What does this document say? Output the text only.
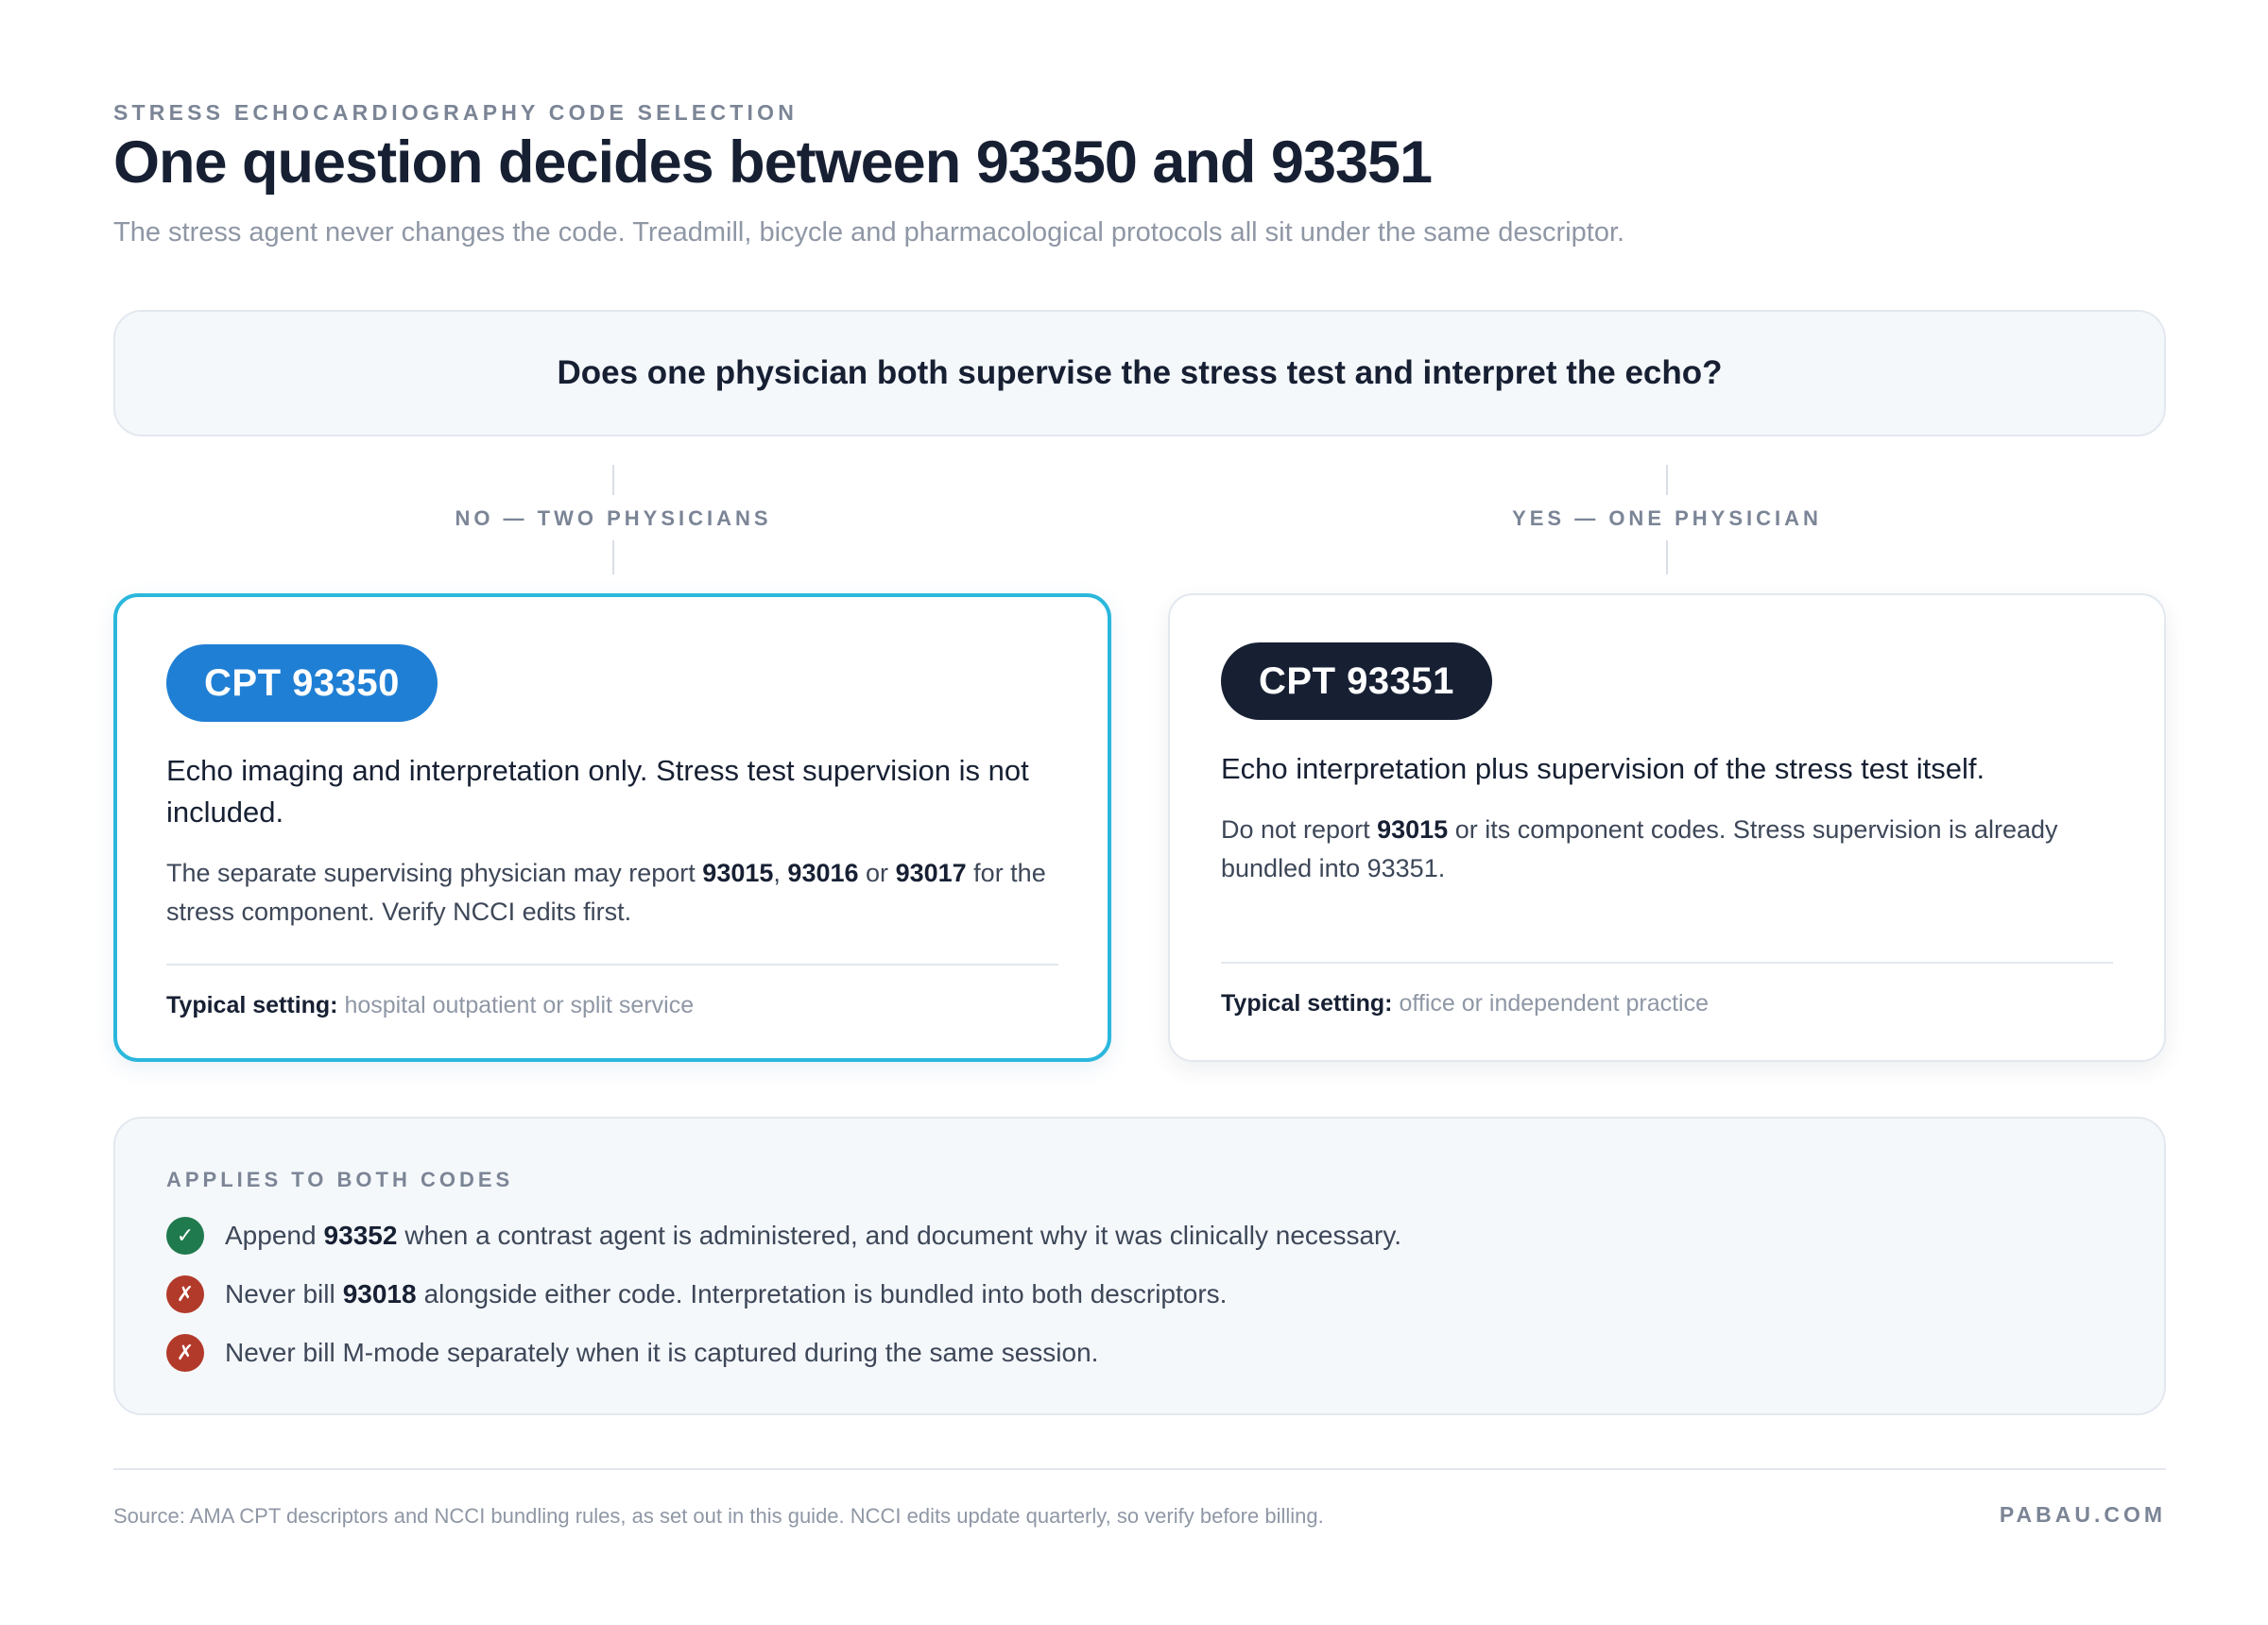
STRESS ECHOCARDIOGRAPHY CODE SELECTION
One question decides between 93350 and 93351
The stress agent never changes the code. Treadmill, bicycle and pharmacological protocols all sit under the same descriptor.
Does one physician both supervise the stress test and interpret the echo?
NO — TWO PHYSICIANS	YES — ONE PHYSICIAN
CPT 93350
Echo imaging and interpretation only. Stress test supervision is not included.
The separate supervising physician may report 93015, 93016 or 93017 for the stress component. Verify NCCI edits first.
Typical setting: hospital outpatient or split service
CPT 93351
Echo interpretation plus supervision of the stress test itself.
Do not report 93015 or its component codes. Stress supervision is already bundled into 93351.
Typical setting: office or independent practice
APPLIES TO BOTH CODES
✓	Append 93352 when a contrast agent is administered, and document why it was clinically necessary.
✗	Never bill 93018 alongside either code. Interpretation is bundled into both descriptors.
✗	Never bill M-mode separately when it is captured during the same session.
Source: AMA CPT descriptors and NCCI bundling rules, as set out in this guide. NCCI edits update quarterly, so verify before billing.	PABAU.COM
